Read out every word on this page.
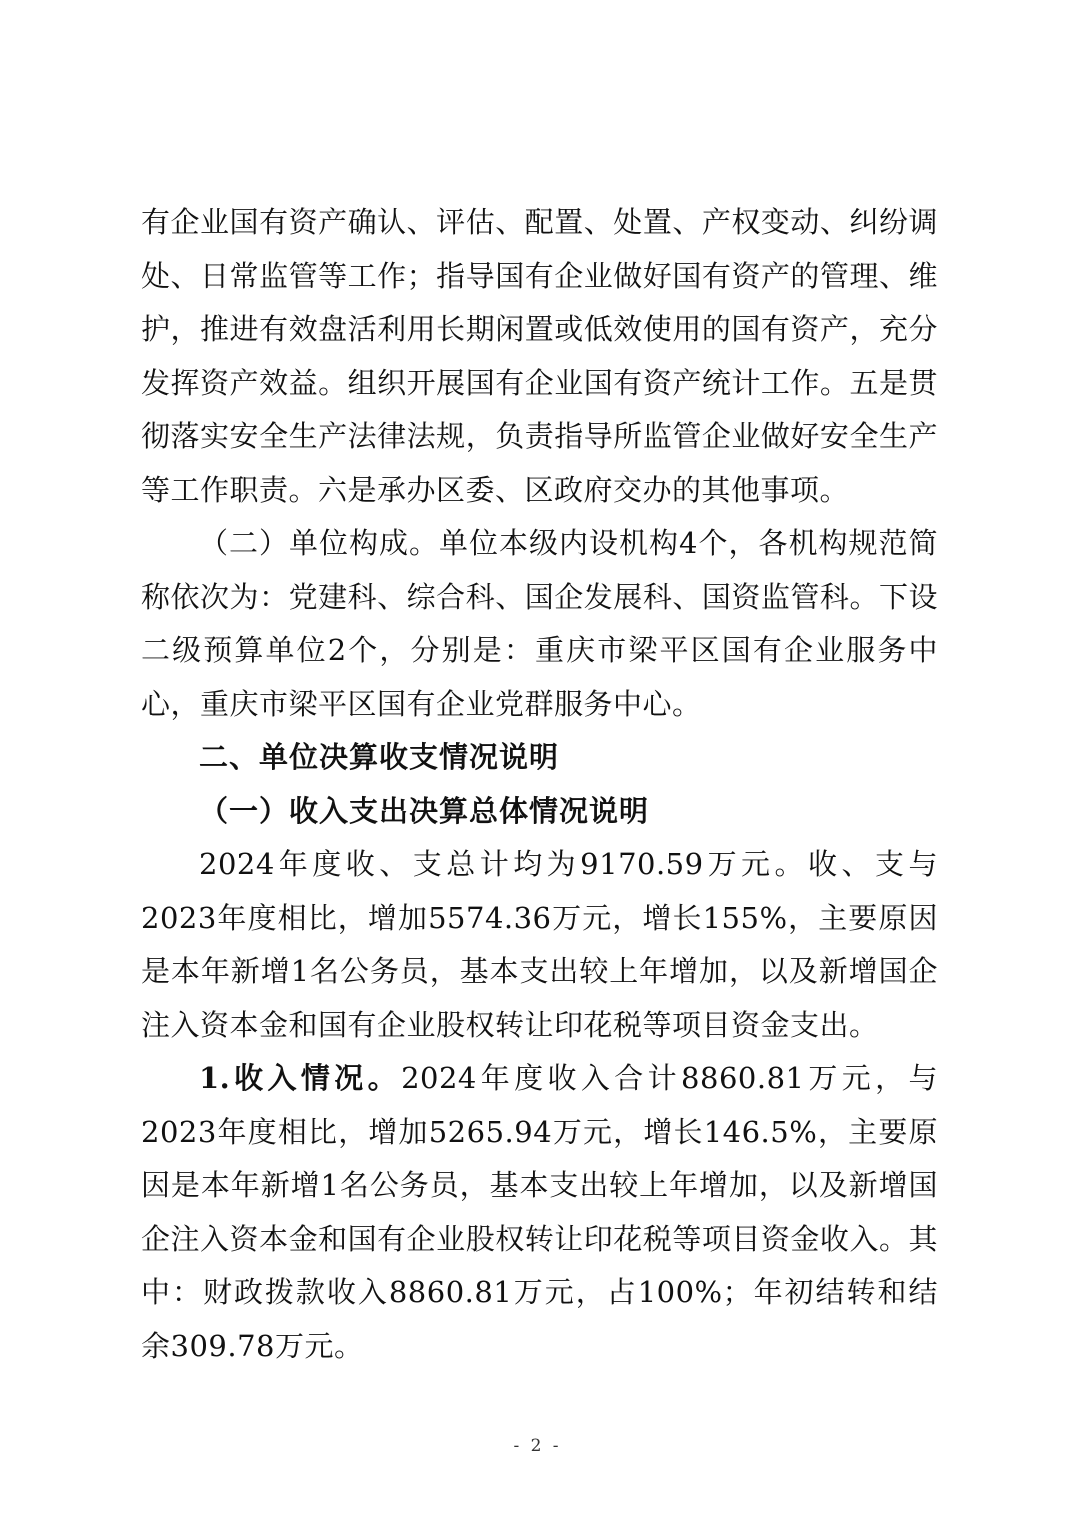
有企业国有资产确认、评估、配置、处置、产权变动、纠纷调处、日常监管等工作；指导国有企业做好国有资产的管理、维护，推进有效盘活利用长期闲置或低效使用的国有资产，充分发挥资产效益。组织开展国有企业国有资产统计工作。五是贯彻落实安全生产法律法规，负责指导所监管企业做好安全生产等工作职责。六是承办区委、区政府交办的其他事项。

（二）单位构成。单位本级内设机构4个，各机构规范简称依次为：党建科、综合科、国企发展科、国资监管科。下设二级预算单位2个，分别是：重庆市梁平区国有企业服务中心，重庆市梁平区国有企业党群服务中心。

二、单位决算收支情况说明

（一）收入支出决算总体情况说明

2024年度收、支总计均为9170.59万元。收、支与2023年度相比，增加5574.36万元，增长155%，主要原因是本年新增1名公务员，基本支出较上年增加，以及新增国企注入资本金和国有企业股权转让印花税等项目资金支出。

1.收入情况。2024年度收入合计8860.81万元，与2023年度相比，增加5265.94万元，增长146.5%，主要原因是本年新增1名公务员，基本支出较上年增加，以及新增国企注入资本金和国有企业股权转让印花税等项目资金收入。其中：财政拨款收入8860.81万元，占100%；年初结转和结余309.78万元。

- 2 -
